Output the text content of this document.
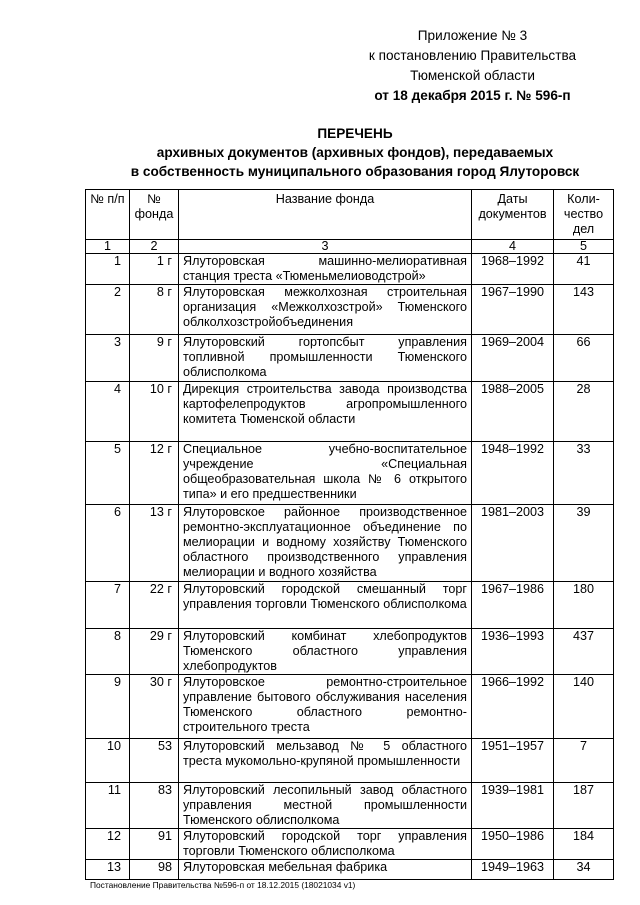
Приложение № 3
к постановлению Правительства
Тюменской области
от 18 декабря 2015 г. № 596-п
ПЕРЕЧЕНЬ
архивных документов (архивных фондов), передаваемых
в собственность муниципального образования город Ялуторовск
№ п/п	№ фонда	Название фонда	Даты документов	Коли-чество дел
1	2	3	4	5
1	1 г	Ялуторовская машинно-мелиоративная станция треста «Тюменьмелиоводстрой»	1968–1992	41
2	8 г	Ялуторовская межколхозная строительная организация «Межколхозстрой» Тюменского облколхозстройобъединения	1967–1990	143
3	9 г	Ялуторовский гортопсбыт управления топливной промышленности Тюменского облисполкома	1969–2004	66
4	10 г	Дирекция строительства завода производства картофелепродуктов агропромышленного комитета Тюменской области	1988–2005	28
5	12 г	Специальное учебно-воспитательное учреждение «Специальная общеобразовательная школа № 6 открытого типа» и его предшественники	1948–1992	33
6	13 г	Ялуторовское районное производственное ремонтно-эксплуатационное объединение по мелиорации и водному хозяйству Тюменского областного производственного управления мелиорации и водного хозяйства	1981–2003	39
7	22 г	Ялуторовский городской смешанный торг управления торговли Тюменского облисполкома	1967–1986	180
8	29 г	Ялуторовский комбинат хлебопродуктов Тюменского областного управления хлебопродуктов	1936–1993	437
9	30 г	Ялуторовское ремонтно-строительное управление бытового обслуживания населения Тюменского областного ремонтно-строительного треста	1966–1992	140
10	53	Ялуторовский мельзавод № 5 областного треста мукомольно-крупяной промышленности	1951–1957	7
11	83	Ялуторовский лесопильный завод областного управления местной промышленности Тюменского облисполкома	1939–1981	187
12	91	Ялуторовский городской торг управления торговли Тюменского облисполкома	1950–1986	184
13	98	Ялуторовская мебельная фабрика	1949–1963	34
Постановление Правительства №596-п от 18.12.2015 (18021034 v1)
